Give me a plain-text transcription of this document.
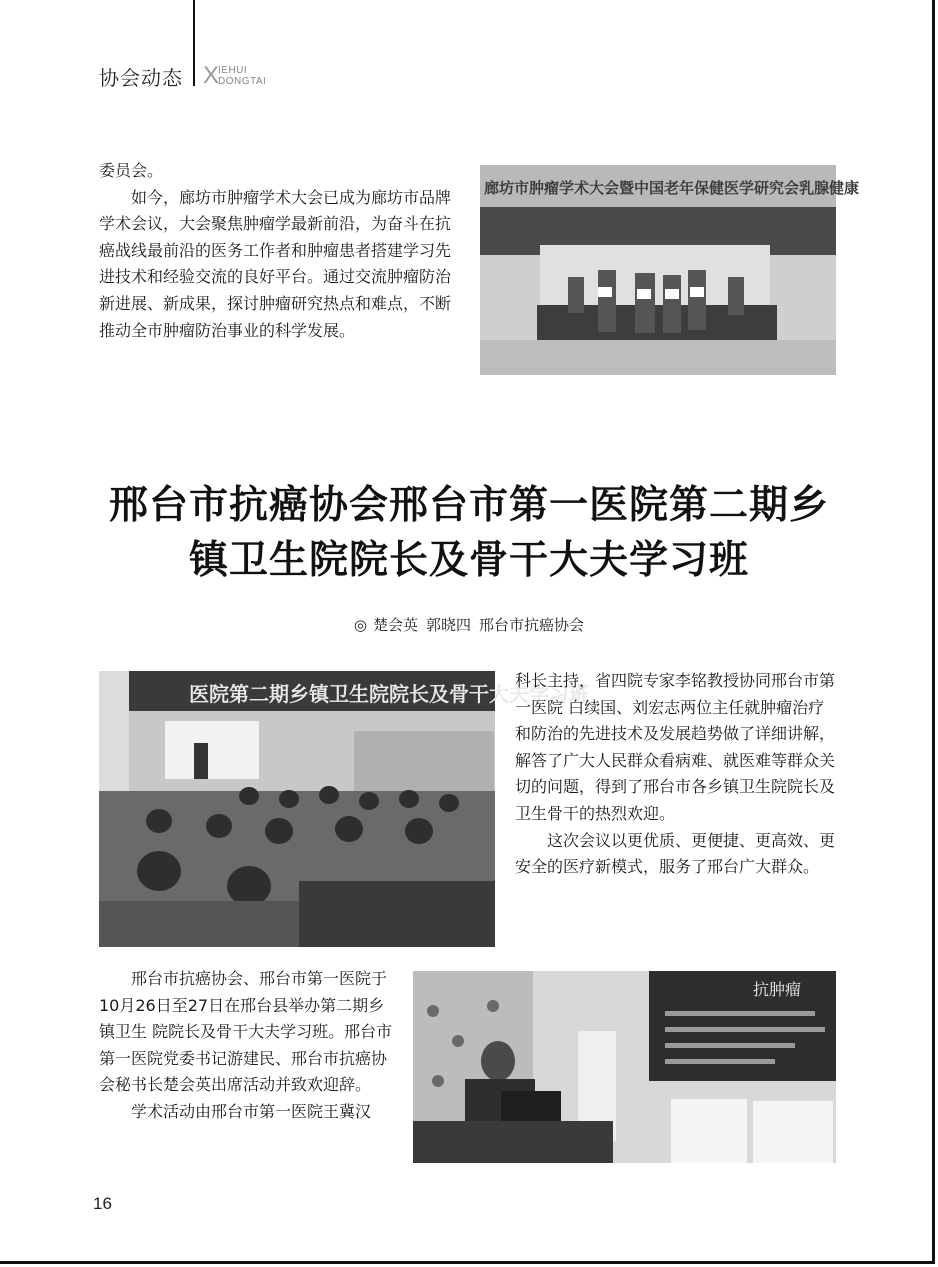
协会动态 X
IEHUI
DONGTAI

委员会。

如今，廊坊市肿瘤学术大会已成为廊坊市品牌学术会议，大会聚焦肿瘤学最新前沿，为奋斗在抗癌战线最前沿的医务工作者和肿瘤患者搭建学习先进技术和经验交流的良好平台。通过交流肿瘤防治新进展、新成果，探讨肿瘤研究热点和难点，不断推动全市肿瘤防治事业的科学发展。

廊坊市肿瘤学术大会暨中国老年保健医学研究会乳腺健康
邢台市抗癌协会邢台市第一医院第二期乡
镇卫生院院长及骨干大夫学习班
◎ 楚会英 郭晓四 邢台市抗癌协会
医院第二期乡镇卫生院院长及骨干大夫学习班

科长主持，省四院专家李铭教授协同邢台市第一医院 白续国、刘宏志两位主任就肿瘤治疗和防治的先进技术及发展趋势做了详细讲解，解答了广大人民群众看病难、就医难等群众关切的问题，得到了邢台市各乡镇卫生院院长及卫生骨干的热烈欢迎。

这次会议以更优质、更便捷、更高效、更安全的医疗新模式，服务了邢台广大群众。

邢台市抗癌协会、邢台市第一医院于10月26日至27日在邢台县举办第二期乡镇卫生 院院长及骨干大夫学习班。邢台市第一医院党委书记游建民、邢台市抗癌协会秘书长楚会英出席活动并致欢迎辞。

学术活动由邢台市第一医院王冀汉

抗肿瘤
16
